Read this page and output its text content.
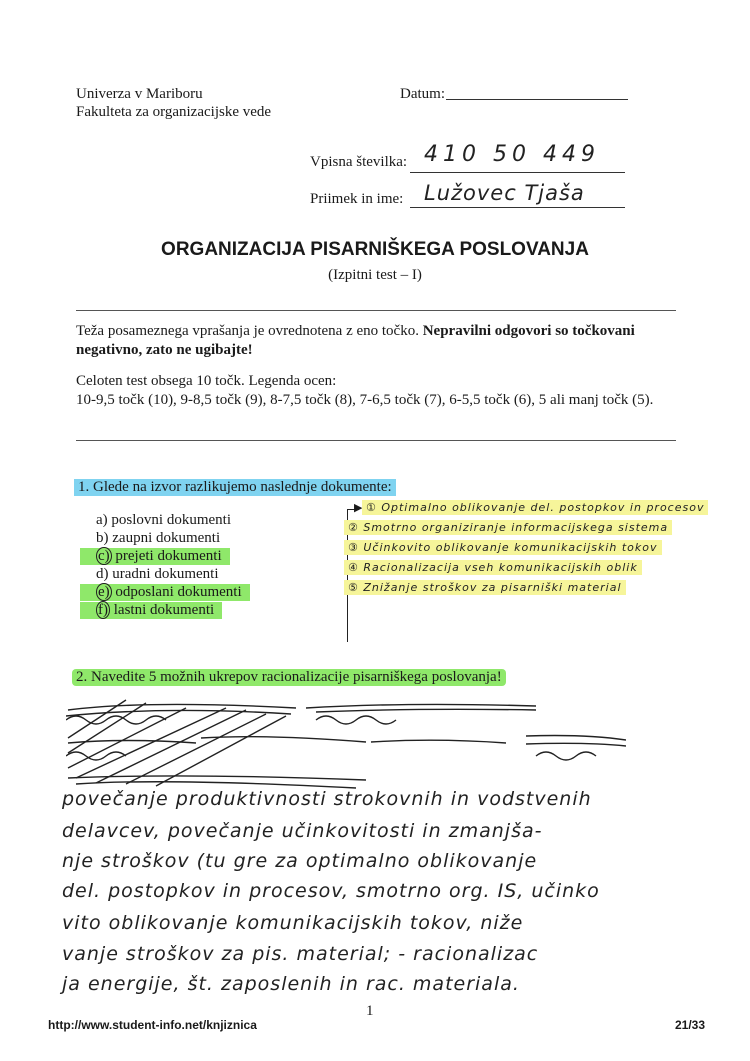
Univerza v Mariboru
Fakulteta za organizacijske vede
Datum:
Vpisna številka: 410 50 449
Priimek in ime: Lužovec Tjaša
ORGANIZACIJA PISARNIŠKEGA POSLOVANJA
(Izpitni test – I)
Teža posameznega vprašanja je ovrednotena z eno točko. Nepravilni odgovori so točkovani negativno, zato ne ugibajte!
Celoten test obsega 10 točk. Legenda ocen:
10-9,5 točk (10), 9-8,5 točk (9), 8-7,5 točk (8), 7-6,5 točk (7), 6-5,5 točk (6), 5 ali manj točk (5).
1. Glede na izvor razlikujemo naslednje dokumente:
a) poslovni dokumenti
b) zaupni dokumenti
c) prejeti dokumenti
d) uradni dokumenti
e) odposlani dokumenti
f) lastni dokumenti
▶ ① Optimalno oblikovanje del. postopkov in procesov
② Smotrno organiziranje informacijskega sistema
③ Učinkovito oblikovanje komunikacijskih tokov
④ Racionalizacija vseh komunikacijskih oblik
⑤ Znižanje stroškov za pisarniški material
2. Navedite 5 možnih ukrepov racionalizacije pisarniškega poslovanja!
povečanje produktivnosti strokovnih in vodstvenih
delavcev, povečanje učinkovitosti in zmanjša-
nje stroškov (tu gre za optimalno oblikovanje
del. postopkov in procesov, smotrno org. IS, učinko
vito oblikovanje komunikacijskih tokov, niže
vanje stroškov za pis. material; - racionalizac
ja energije, št. zaposlenih in rac. materiala.
1
http://www.student-info.net/knjiznica	21/33
